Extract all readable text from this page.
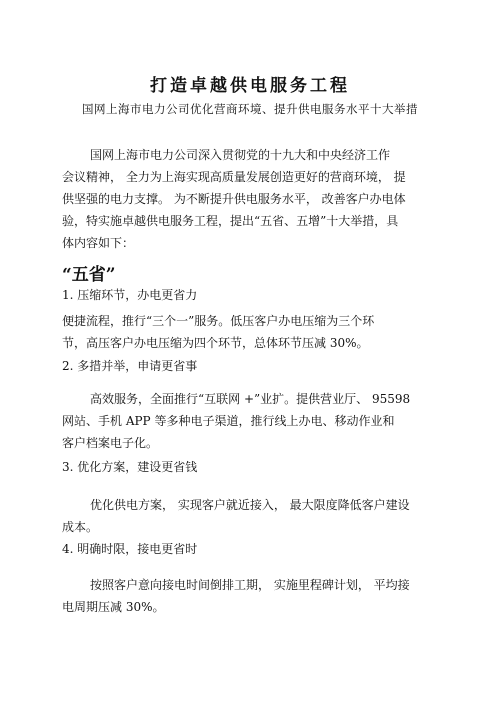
打造卓越供电服务工程
国网上海市电力公司优化营商环境、提升供电服务水平十大举措
国网上海市电力公司深入贯彻党的十九大和中央经济工作
会议精神， 全力为上海实现高质量发展创造更好的营商环境， 提
供坚强的电力支撑。 为不断提升供电服务水平， 改善客户办电体
验，特实施卓越供电服务工程，提出“五省、五增”十大举措，具
体内容如下：
“五省”
1. 压缩环节，办电更省力
便捷流程，推行“三个一”服务。低压客户办电压缩为三个环
节，高压客户办电压缩为四个环节，总体环节压减 30%。
2. 多措并举，申请更省事
高效服务，全面推行“互联网 +”业扩。提供营业厅、 95598
网站、手机 APP 等多种电子渠道，推行线上办电、移动作业和
客户档案电子化。
3. 优化方案，建设更省钱
优化供电方案， 实现客户就近接入， 最大限度降低客户建设
成本。
4. 明确时限，接电更省时
按照客户意向接电时间倒排工期， 实施里程碑计划， 平均接
电周期压减 30%。
